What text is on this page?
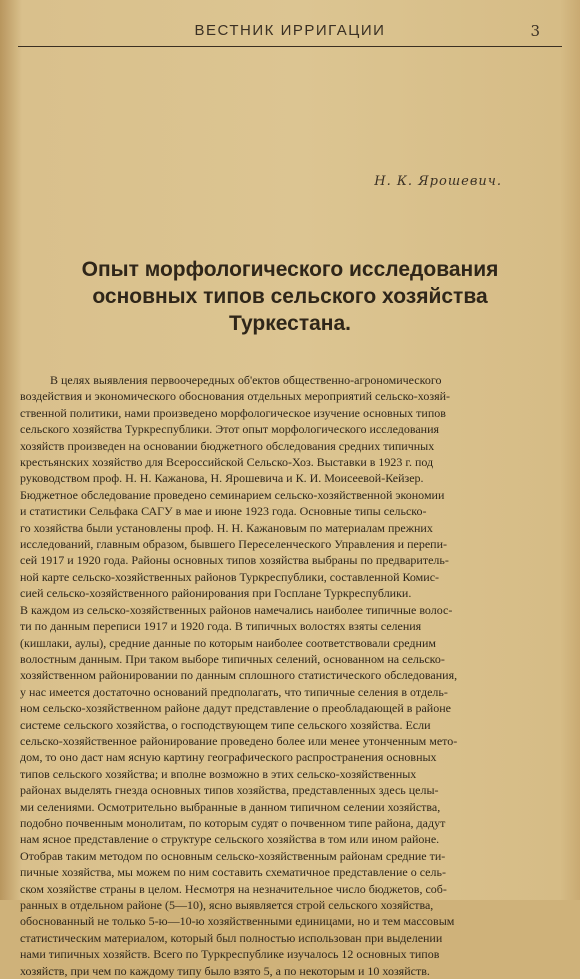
ВЕСТНИК ИРРИГАЦИИ	3
Н. К. Ярошевич.
Опыт морфологического исследования
основных типов сельского хозяйства
Туркестана.
В целях выявления первоочередных об'ектов общественно-агрономического
воздействия и экономического обоснования отдельных мероприятий сельско-хозяй-
ственной политики, нами произведено морфологическое изучение основных типов
сельского хозяйства Туркреспублики. Этот опыт морфологического исследования
хозяйств произведен на основании бюджетного обследования средних типичных
крестьянских хозяйство для Всероссийской Сельско-Хоз. Выставки в 1923 г. под
руководством проф. Н. Н. Кажанова, Н. Ярошевича и К. И. Моисеевой-Кейзер.
Бюджетное обследование проведено семинарием сельско-хозяйственной экономии
и статистики Сельфака САГУ в мае и июне 1923 года. Основные типы сельско-
го хозяйства были установлены проф. Н. Н. Кажановым по материалам прежних
исследований, главным образом, бывшего Переселенческого Управления и перепи-
сей 1917 и 1920 года. Районы основных типов хозяйства выбраны по предваритель-
ной карте сельско-хозяйственных районов Туркреспублики, составленной Комис-
сией сельско-хозяйственного районирования при Госплане Туркреспублики.
В каждом из сельско-хозяйственных районов намечались наиболее типичные волос-
ти по данным переписи 1917 и 1920 года. В типичных волостях взяты селения
(кишлаки, аулы), средние данные по которым наиболее соответствовали средним
волостным данным. При таком выборе типичных селений, основанном на сельско-
хозяйственном районировании по данным сплошного статистического обследования,
у нас имеется достаточно оснований предполагать, что типичные селения в отдель-
ном сельско-хозяйственном районе дадут представление о преобладающей в районе
системе сельского хозяйства, о господствующем типе сельского хозяйства. Если
сельско-хозяйственное районирование проведено более или менее утонченным мето-
дом, то оно даст нам ясную картину географического распространения основных
типов сельского хозяйства; и вполне возможно в этих сельско-хозяйственных
районах выделять гнезда основных типов хозяйства, представленных здесь целы-
ми селениями. Осмотрительно выбранные в данном типичном селении хозяйства,
подобно почвенным монолитам, по которым судят о почвенном типе района, дадут
нам ясное представление о структуре сельского хозяйства в том или ином районе.
Отобрав таким методом по основным сельско-хозяйственным районам средние ти-
пичные хозяйства, мы можем по ним составить схематичное представление о сель-
ском хозяйстве страны в целом. Несмотря на незначительное число бюджетов, соб-
ранных в отдельном районе (5—10), ясно выявляется строй сельского хозяйства,
обоснованный не только 5-ю—10-ю хозяйственными единицами, но и тем массовым
статистическим материалом, который был полностью использован при выделении
нами типичных хозяйств. Всего по Туркреспублике изучалось 12 основных типов
хозяйств, при чем по каждому типу было взято 5, а по некоторым и 10 хозяйств.
